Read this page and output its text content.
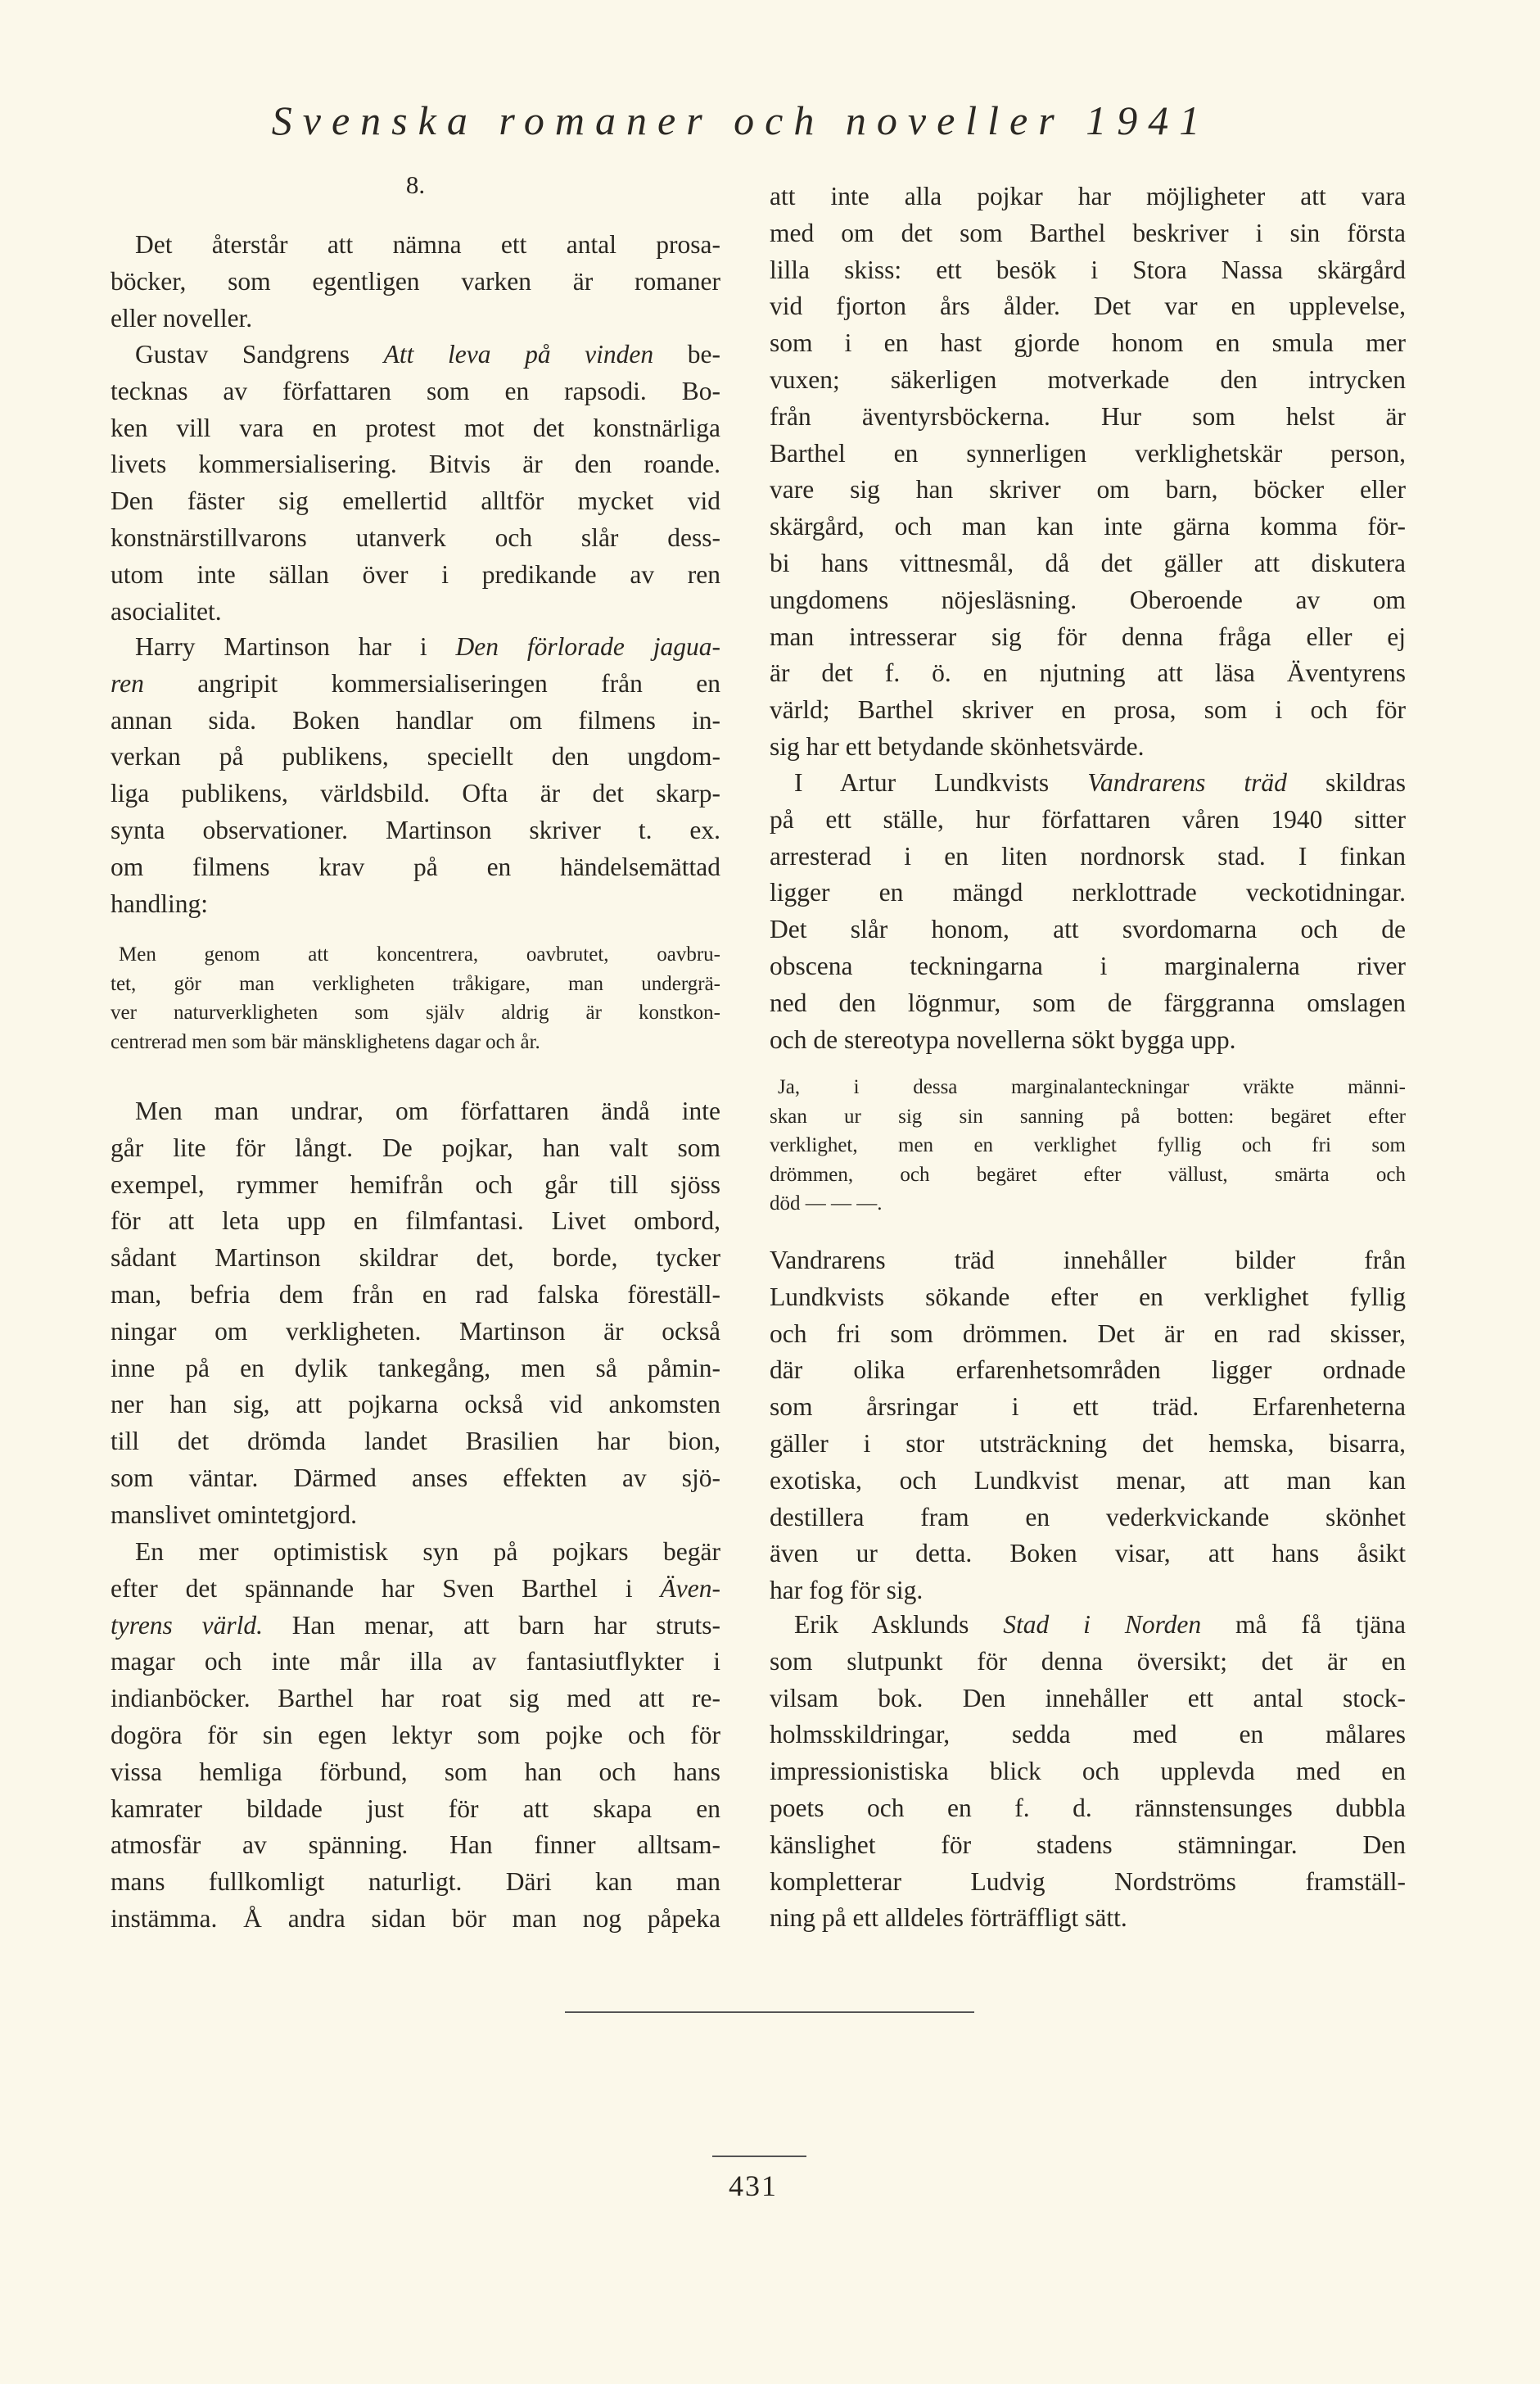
Svenska romaner och noveller 1941
8.
Det återstår att nämna ett antal prosa-
böcker, som egentligen varken är romaner
eller noveller.
Gustav Sandgrens Att leva på vinden be-
tecknas av författaren som en rapsodi. Bo-
ken vill vara en protest mot det konstnärliga
livets kommersialisering. Bitvis är den roande.
Den fäster sig emellertid alltför mycket vid
konstnärstillvarons utanverk och slår dess-
utom inte sällan över i predikande av ren
asocialitet.
Harry Martinson har i Den förlorade jagua-
ren angripit kommersialiseringen från en
annan sida. Boken handlar om filmens in-
verkan på publikens, speciellt den ungdom-
liga publikens, världsbild. Ofta är det skarp-
synta observationer. Martinson skriver t. ex.
om filmens krav på en händelsemättad
handling:
Men genom att koncentrera, oavbrutet, oavbru-
tet, gör man verkligheten tråkigare, man undergrä-
ver naturverkligheten som själv aldrig är konstkon-
centrerad men som bär mänsklighetens dagar och år.
Men man undrar, om författaren ändå inte
går lite för långt. De pojkar, han valt som
exempel, rymmer hemifrån och går till sjöss
för att leta upp en filmfantasi. Livet ombord,
sådant Martinson skildrar det, borde, tycker
man, befria dem från en rad falska föreställ-
ningar om verkligheten. Martinson är också
inne på en dylik tankegång, men så påmin-
ner han sig, att pojkarna också vid ankomsten
till det drömda landet Brasilien har bion,
som väntar. Därmed anses effekten av sjö-
manslivet omintetgjord.
En mer optimistisk syn på pojkars begär
efter det spännande har Sven Barthel i Även-
tyrens värld. Han menar, att barn har struts-
magar och inte mår illa av fantasiutflykter i
indianböcker. Barthel har roat sig med att re-
dogöra för sin egen lektyr som pojke och för
vissa hemliga förbund, som han och hans
kamrater bildade just för att skapa en
atmosfär av spänning. Han finner alltsam-
mans fullkomligt naturligt. Däri kan man
instämma. Å andra sidan bör man nog påpeka
att inte alla pojkar har möjligheter att vara
med om det som Barthel beskriver i sin första
lilla skiss: ett besök i Stora Nassa skärgård
vid fjorton års ålder. Det var en upplevelse,
som i en hast gjorde honom en smula mer
vuxen; säkerligen motverkade den intrycken
från äventyrsböckerna. Hur som helst är
Barthel en synnerligen verklighetskär person,
vare sig han skriver om barn, böcker eller
skärgård, och man kan inte gärna komma för-
bi hans vittnesmål, då det gäller att diskutera
ungdomens nöjesläsning. Oberoende av om
man intresserar sig för denna fråga eller ej
är det f. ö. en njutning att läsa Äventyrens
värld; Barthel skriver en prosa, som i och för
sig har ett betydande skönhetsvärde.
I Artur Lundkvists Vandrarens träd skildras
på ett ställe, hur författaren våren 1940 sitter
arresterad i en liten nordnorsk stad. I finkan
ligger en mängd nerklottrade veckotidningar.
Det slår honom, att svordomarna och de
obscena teckningarna i marginalerna river
ned den lögnmur, som de färggranna omslagen
och de stereotypa novellerna sökt bygga upp.
Ja, i dessa marginalanteckningar vräkte männi-
skan ur sig sin sanning på botten: begäret efter
verklighet, men en verklighet fyllig och fri som
drömmen, och begäret efter vällust, smärta och
död — — —.
Vandrarens träd innehåller bilder från
Lundkvists sökande efter en verklighet fyllig
och fri som drömmen. Det är en rad skisser,
där olika erfarenhetsområden ligger ordnade
som årsringar i ett träd. Erfarenheterna
gäller i stor utsträckning det hemska, bisarra,
exotiska, och Lundkvist menar, att man kan
destillera fram en vederkvickande skönhet
även ur detta. Boken visar, att hans åsikt
har fog för sig.
Erik Asklunds Stad i Norden må få tjäna
som slutpunkt för denna översikt; det är en
vilsam bok. Den innehåller ett antal stock-
holmsskildringar, sedda med en målares
impressionistiska blick och upplevda med en
poets och en f. d. rännstensunges dubbla
känslighet för stadens stämningar. Den
kompletterar Ludvig Nordströms framställ-
ning på ett alldeles förträffligt sätt.
431
